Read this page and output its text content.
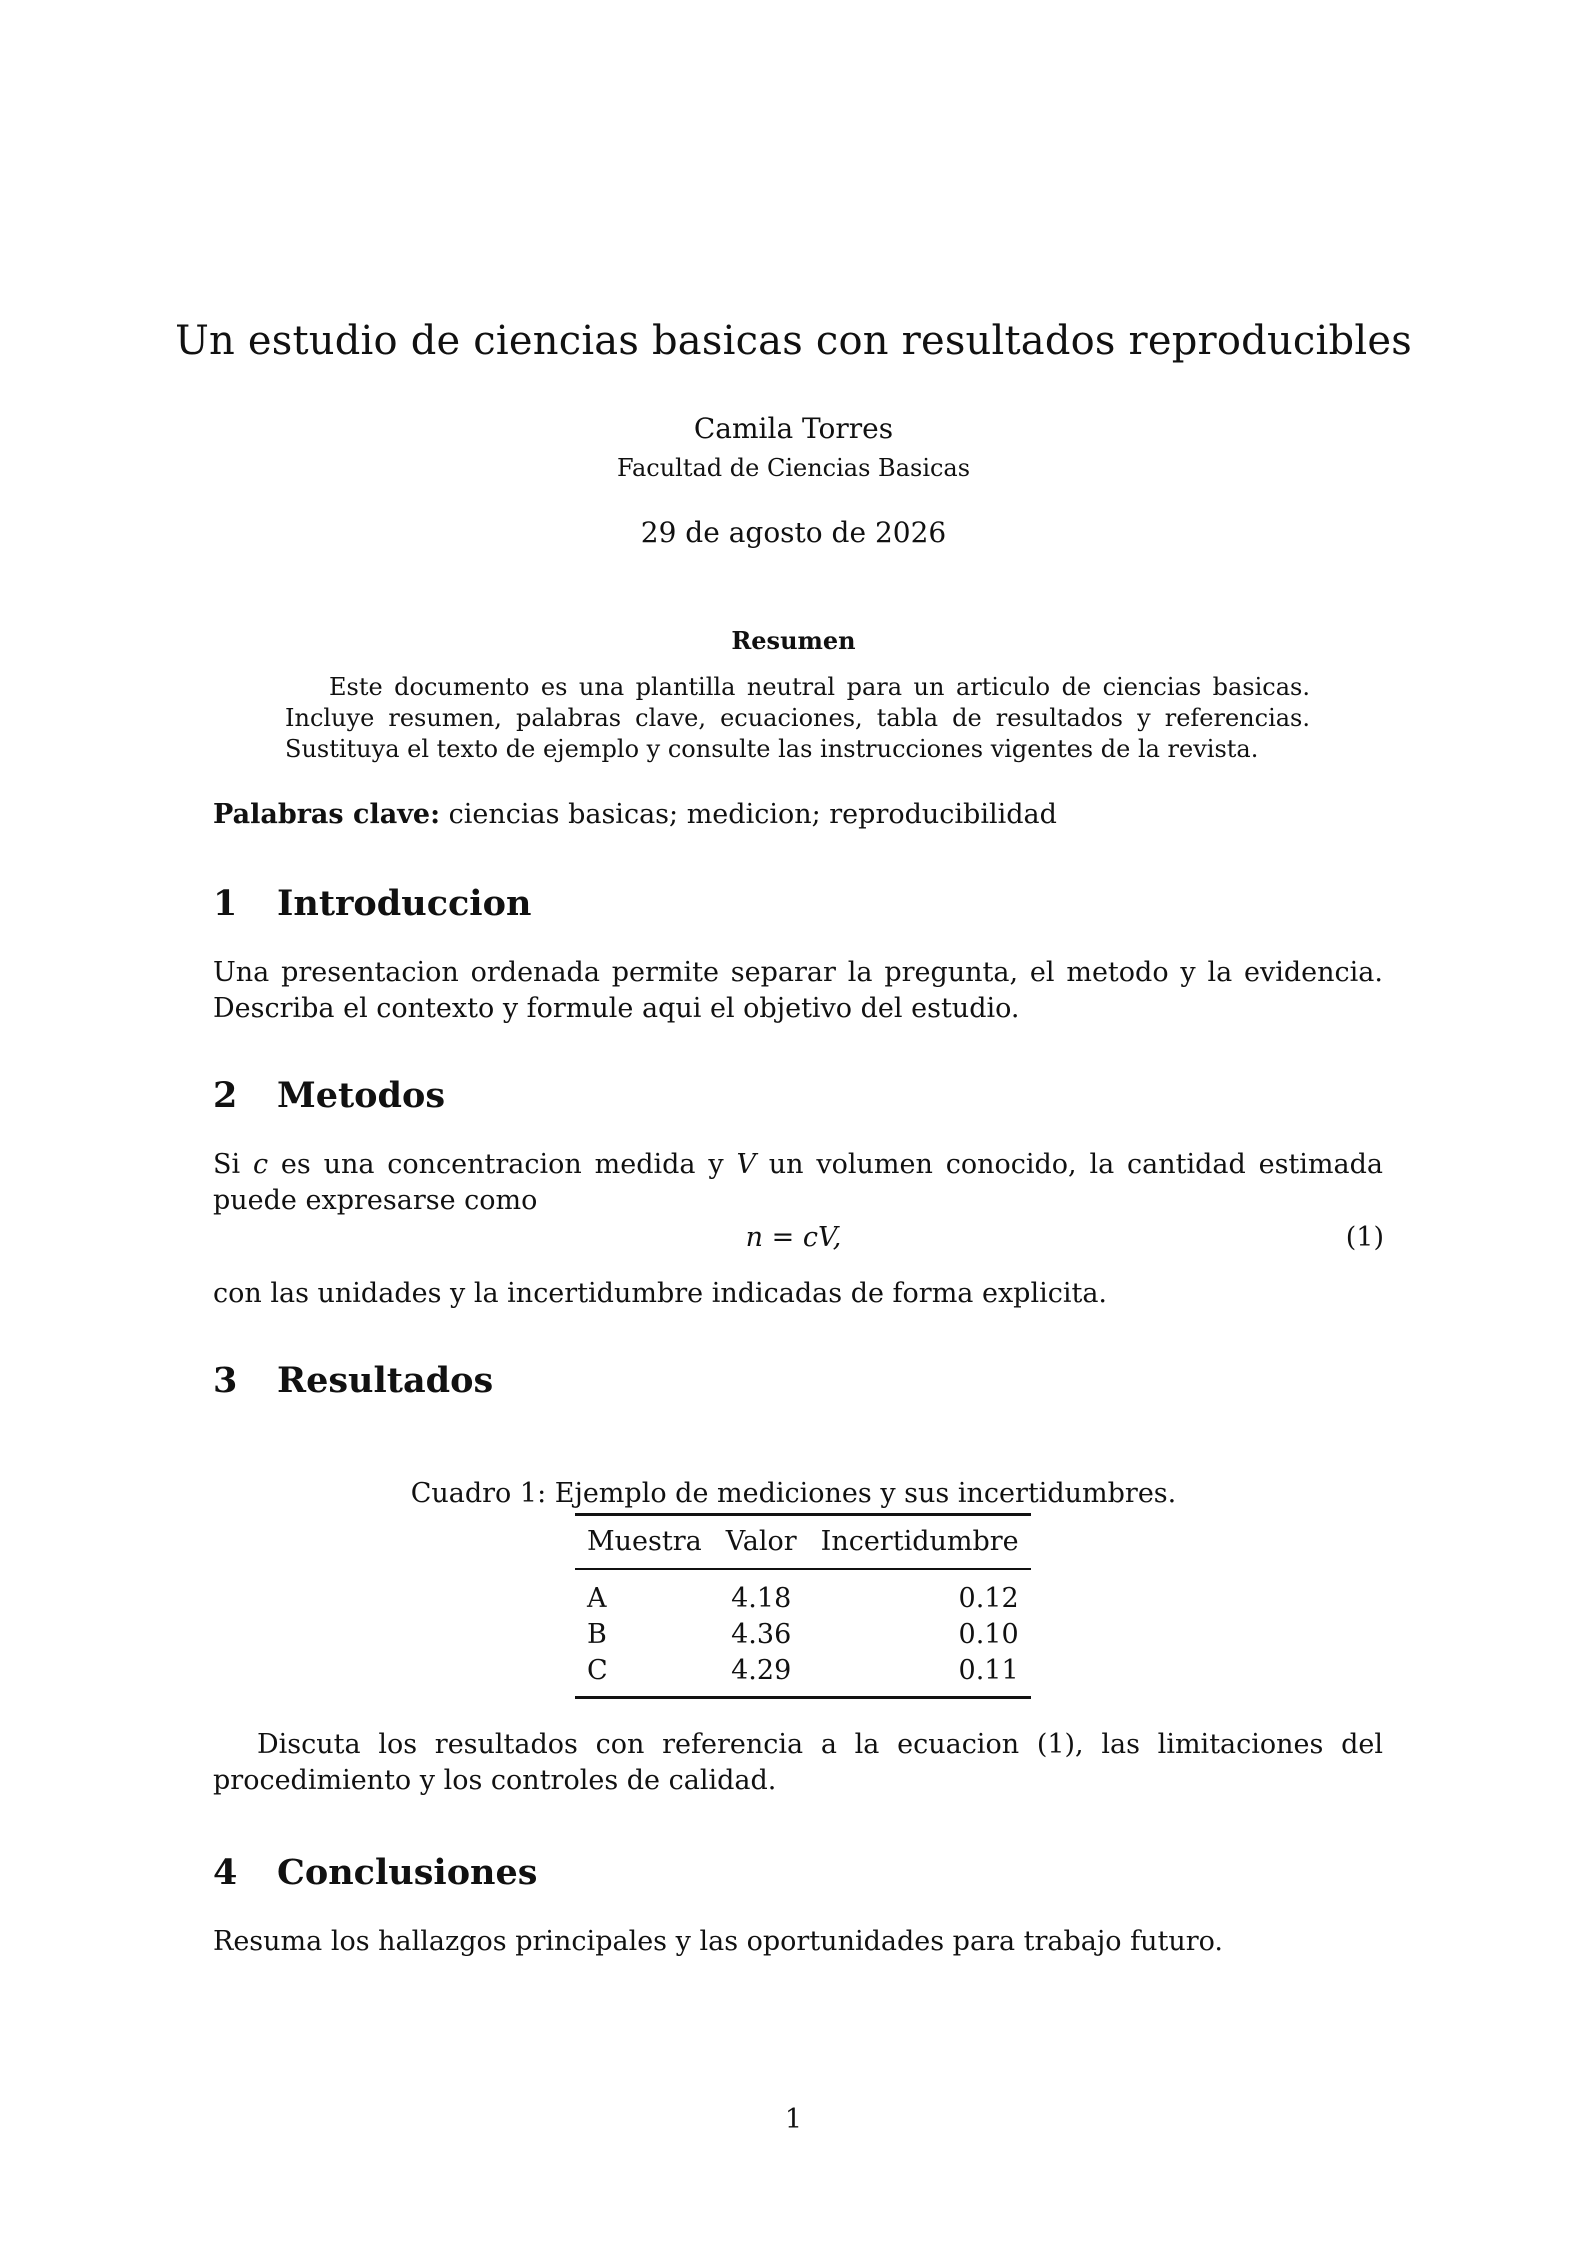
Un estudio de ciencias basicas con resultados reproducibles
Camila Torres
Facultad de Ciencias Basicas
29 de agosto de 2026
Resumen
Este documento es una plantilla neutral para un articulo de ciencias basicas. Incluye resumen, palabras clave, ecuaciones, tabla de resultados y referencias. Sustituya el texto de ejemplo y consulte las instrucciones vigentes de la revista.
Palabras clave: ciencias basicas; medicion; reproducibilidad
1 Introduccion
Una presentacion ordenada permite separar la pregunta, el metodo y la evidencia. Describa el contexto y formule aqui el objetivo del estudio.
2 Metodos
Si c es una concentracion medida y V un volumen conocido, la cantidad estimada puede expresarse como
n = cV,	(1)
con las unidades y la incertidumbre indicadas de forma explicita.
3 Resultados
Cuadro 1: Ejemplo de mediciones y sus incertidumbres.
Muestra	Valor	Incertidumbre
A	4.18	0.12
B	4.36	0.10
C	4.29	0.11
Discuta los resultados con referencia a la ecuacion (1), las limitaciones del procedimiento y los controles de calidad.
4 Conclusiones
Resuma los hallazgos principales y las oportunidades para trabajo futuro.
1
